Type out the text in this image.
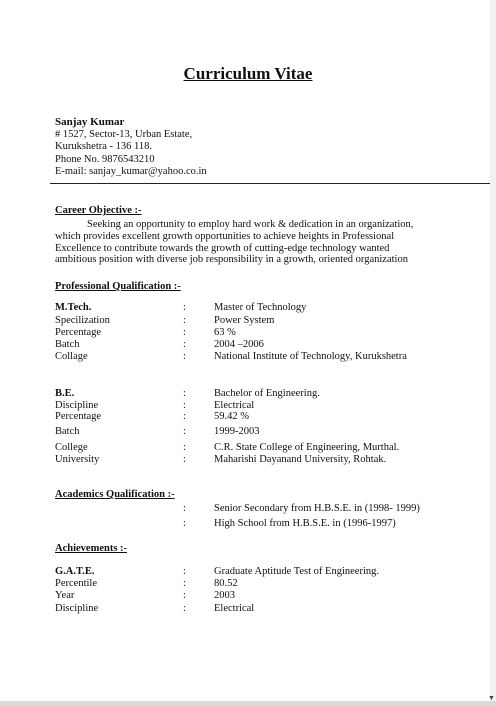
Curriculum Vitae
Sanjay Kumar
# 1527, Sector-13, Urban Estate,
Kurukshetra - 136 118.
Phone No. 9876543210
E-mail: sanjay_kumar@yahoo.co.in
Career Objective :-
Seeking an opportunity to employ hard work & dedication in an organization,
which provides excellent growth opportunities to achieve heights in Professional
Excellence to contribute towards the growth of cutting-edge technology wanted
ambitious position with diverse job responsibility in a growth, oriented organization
Professional Qualification :-
M.Tech.	:	Master of Technology
Specilization	:	Power System
Percentage	:	63 %
Batch	:	2004 –2006
Collage	:	National Institute of Technology, Kurukshetra
B.E.	:	Bachelor of Engineering.
Discipline	:	Electrical
Percentage	:	59.42 %
Batch	:	1999-2003
College	:	C.R. State College of Engineering, Murthal.
University	:	Maharishi Dayanand University, Rohtak.
Academics Qualification :-
:	Senior Secondary from H.B.S.E. in (1998- 1999)
:	High School from H.B.S.E. in (1996-1997)
Achievements :-
G.A.T.E.	:	Graduate Aptitude Test of Engineering.
Percentile	:	80.52
Year	:	2003
Discipline	:	Electrical
▼
